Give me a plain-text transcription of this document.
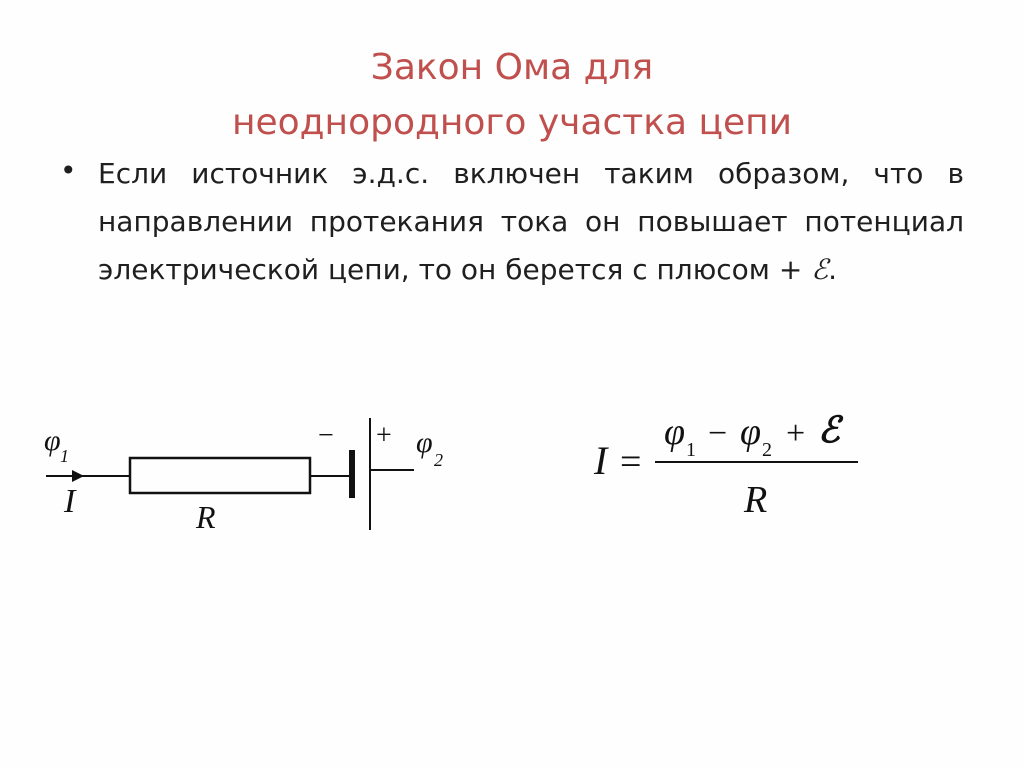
Закон Ома для
неоднородного участка цепи
• Если источник э.д.с. включен таким образом, что в направлении протекания тока он повышает потенциал электрической цепи, то он берется с плюсом + ℰ.
φ 1
I	R
− + φ
2	I =
φ 1 − φ 2 + ℰ
R
